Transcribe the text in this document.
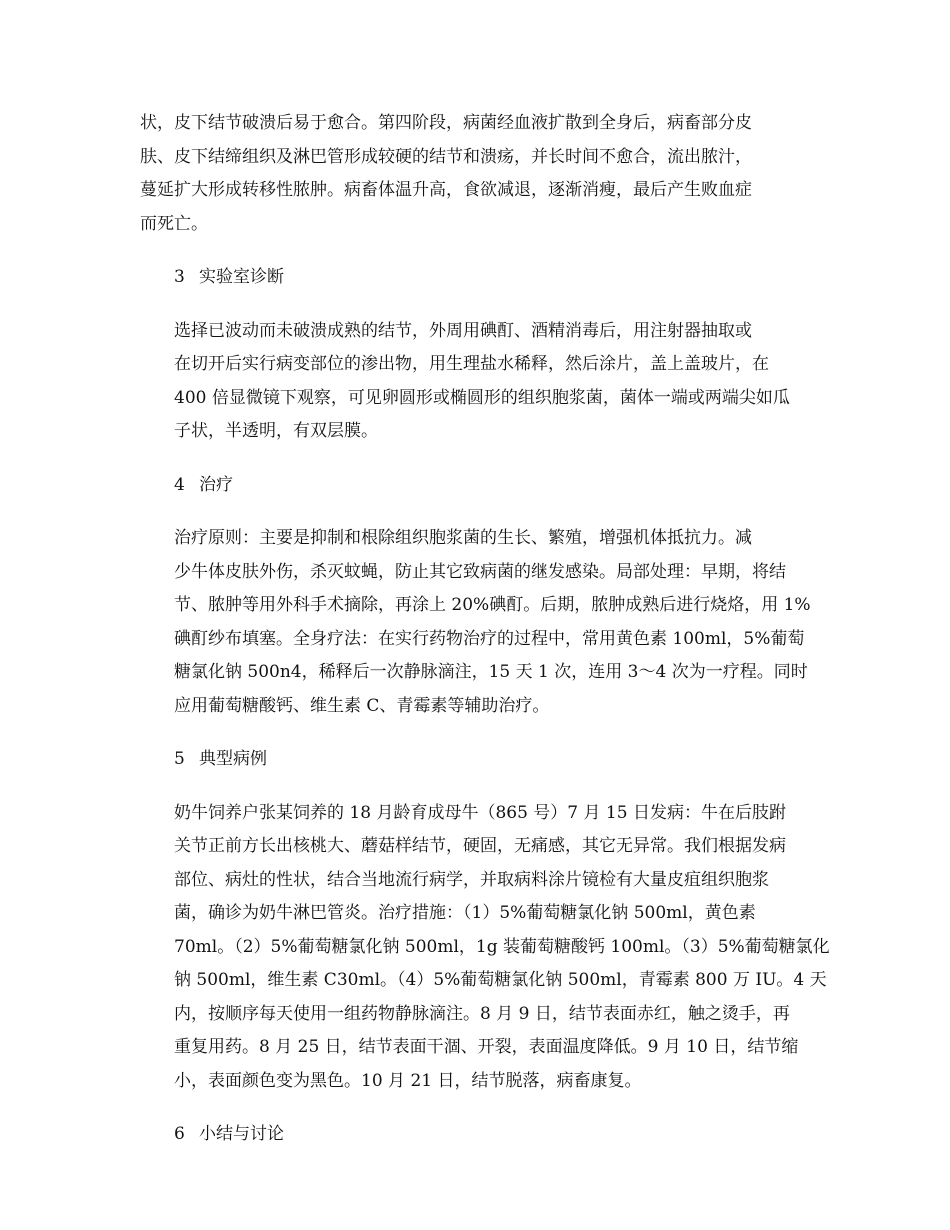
状，皮下结节破溃后易于愈合。第四阶段，病菌经血液扩散到全身后，病畜部分皮
肤、皮下结缔组织及淋巴管形成较硬的结节和溃疡，并长时间不愈合，流出脓汁，
蔓延扩大形成转移性脓肿。病畜体温升高，食欲减退，逐渐消瘦，最后产生败血症
而死亡。

3 实验室诊断

选择已波动而未破溃成熟的结节，外周用碘酊、酒精消毒后，用注射器抽取或
在切开后实行病变部位的渗出物，用生理盐水稀释，然后涂片，盖上盖玻片，在
400 倍显微镜下观察，可见卵圆形或椭圆形的组织胞浆菌，菌体一端或两端尖如瓜
子状，半透明，有双层膜。

4 治疗

治疗原则：主要是抑制和根除组织胞浆菌的生长、繁殖，增强机体抵抗力。减
少牛体皮肤外伤，杀灭蚊蝇，防止其它致病菌的继发感染。局部处理：早期，将结
节、脓肿等用外科手术摘除，再涂上 20%碘酊。后期，脓肿成熟后进行烧烙，用 1%
碘酊纱布填塞。全身疗法：在实行药物治疗的过程中，常用黄色素 100ml，5%葡萄
糖氯化钠 500n4，稀释后一次静脉滴注，15 天 1 次，连用 3～4 次为一疗程。同时
应用葡萄糖酸钙、维生素 C、青霉素等辅助治疗。

5 典型病例

奶牛饲养户张某饲养的 18 月龄育成母牛（865 号）7 月 15 日发病：牛在后肢跗
关节正前方长出核桃大、蘑菇样结节，硬固，无痛感，其它无异常。我们根据发病
部位、病灶的性状，结合当地流行病学，并取病料涂片镜检有大量皮疽组织胞浆
菌，确诊为奶牛淋巴管炎。治疗措施：（1）5%葡萄糖氯化钠 500ml，黄色素
70ml。（2）5%葡萄糖氯化钠 500ml，1g 装葡萄糖酸钙 100ml。（3）5%葡萄糖氯化
钠 500ml，维生素 C30ml。（4）5%葡萄糖氯化钠 500ml，青霉素 800 万 IU。4 天
内，按顺序每天使用一组药物静脉滴注。8 月 9 日，结节表面赤红，触之烫手，再
重复用药。8 月 25 日，结节表面干涸、开裂，表面温度降低。9 月 10 日，结节缩
小，表面颜色变为黑色。10 月 21 日，结节脱落，病畜康复。

6 小结与讨论
